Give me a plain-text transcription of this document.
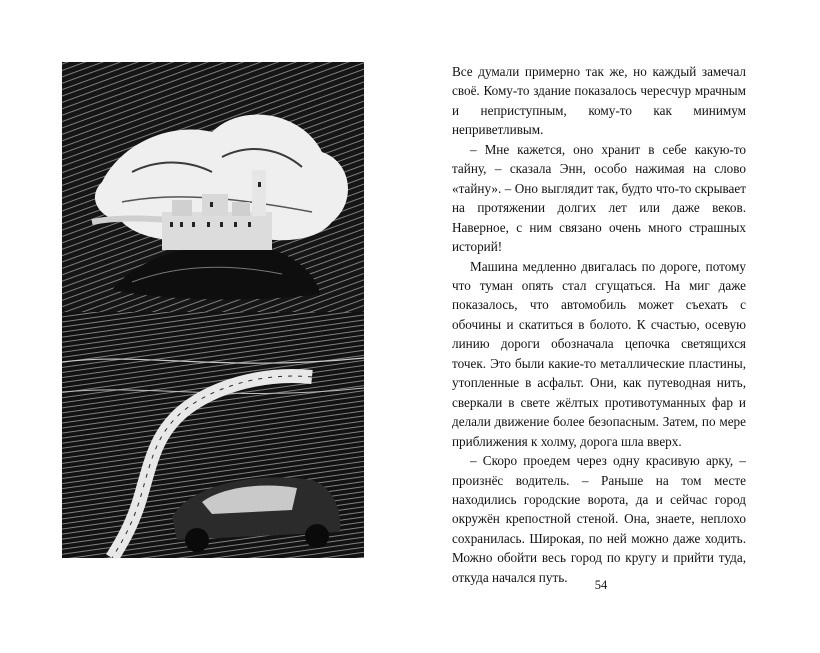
Все думали примерно так же, но каждый замечал своё. Кому-то здание показалось чересчур мрачным и неприступным, кому-то как минимум неприветливым.

– Мне кажется, оно хранит в себе какую-то тайну, – сказала Энн, особо нажимая на слово «тайну». – Оно выглядит так, будто что-то скрывает на протяжении долгих лет или даже веков. Наверное, с ним связано очень много страшных историй!

Машина медленно двигалась по дороге, потому что туман опять стал сгущаться. На миг даже показалось, что автомобиль может съехать с обочины и скатиться в болото. К счастью, осевую линию дороги обозначала цепочка светящихся точек. Это были какие-то металлические пластины, утопленные в асфальт. Они, как путеводная нить, сверкали в свете жёлтых противотуманных фар и делали движение более безопасным. Затем, по мере приближения к холму, дорога шла вверх.

– Скоро проедем через одну красивую арку, – произнёс водитель. – Раньше на том месте находились городские ворота, да и сейчас город окружён крепостной стеной. Она, знаете, неплохо сохранилась. Широкая, по ней можно даже ходить. Можно обойти весь город по кругу и прийти туда, откуда начался путь.

54
